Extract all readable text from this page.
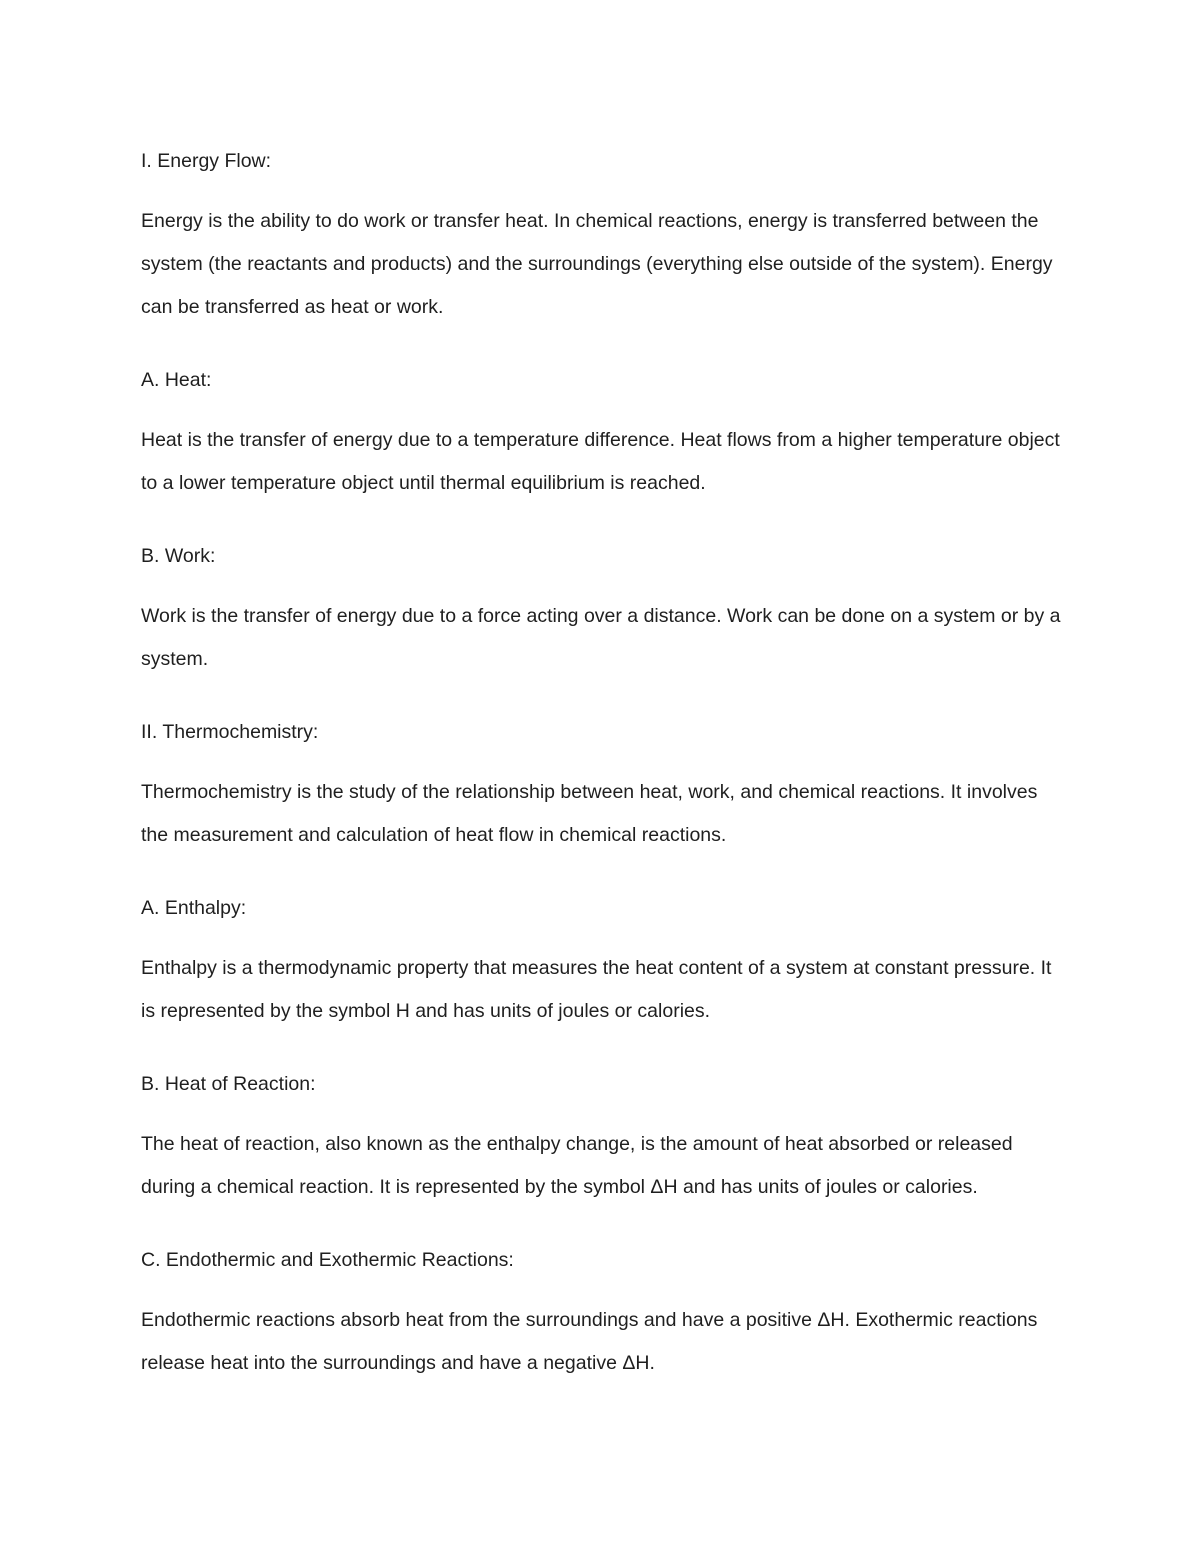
I. Energy Flow:

Energy is the ability to do work or transfer heat. In chemical reactions, energy is transferred between the system (the reactants and products) and the surroundings (everything else outside of the system). Energy can be transferred as heat or work.

A. Heat:

Heat is the transfer of energy due to a temperature difference. Heat flows from a higher temperature object to a lower temperature object until thermal equilibrium is reached.

B. Work:

Work is the transfer of energy due to a force acting over a distance. Work can be done on a system or by a system.

II. Thermochemistry:

Thermochemistry is the study of the relationship between heat, work, and chemical reactions. It involves the measurement and calculation of heat flow in chemical reactions.

A. Enthalpy:

Enthalpy is a thermodynamic property that measures the heat content of a system at constant pressure. It is represented by the symbol H and has units of joules or calories.

B. Heat of Reaction:

The heat of reaction, also known as the enthalpy change, is the amount of heat absorbed or released during a chemical reaction. It is represented by the symbol ΔH and has units of joules or calories.

C. Endothermic and Exothermic Reactions:

Endothermic reactions absorb heat from the surroundings and have a positive ΔH. Exothermic reactions release heat into the surroundings and have a negative ΔH.
